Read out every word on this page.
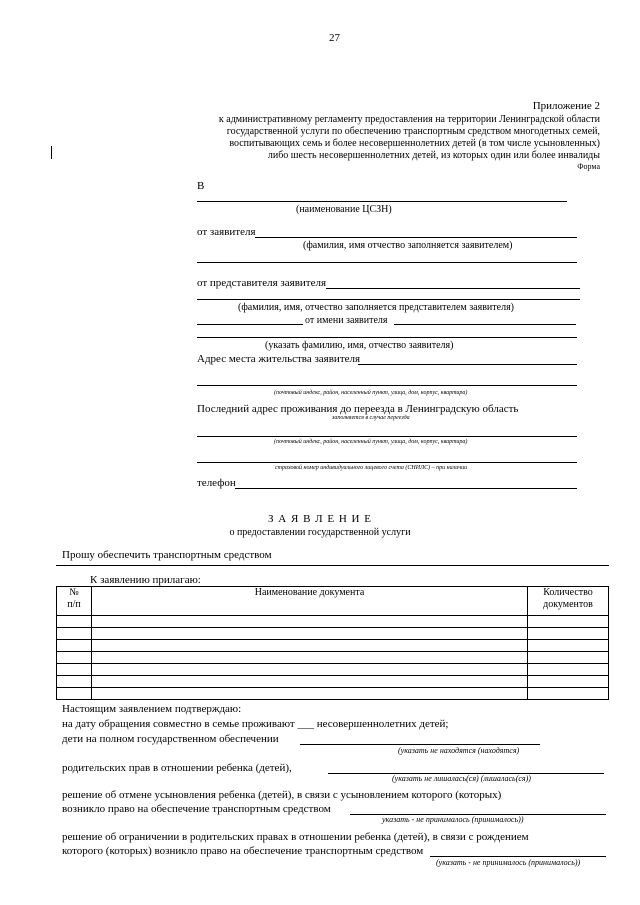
27
Приложение 2
к административному регламенту предоставления на территории Ленинградской области
государственной услуги по обеспечению транспортным средством многодетных семей,
воспитывающих семь и более несовершеннолетних детей (в том числе усыновленных)
либо шесть несовершеннолетних детей, из которых один или более инвалиды
Форма
В
(наименование ЦСЗН)
от заявителя
(фамилия, имя отчество заполняется заявителем)
от представителя заявителя
(фамилия, имя, отчество заполняется представителем заявителя)
от имени заявителя
(указать фамилию, имя, отчество заявителя)
Адрес места жительства заявителя
(почтовый индекс, район, населенный пункт, улица, дом, корпус, квартира)
Последний адрес проживания до переезда в Ленинградскую область
заполняется в случае переезда
(почтовый индекс, район, населенный пункт, улица, дом, корпус, квартира)
страховой номер индивидуального лицевого счета (СНИЛС) – при наличии
телефон
З А Я В Л Е Н И Е
о предоставлении государственной услуги
Прошу обеспечить транспортным средством
К заявлению прилагаю:
№
п/п	Наименование документа	Количество
документов

Настоящим заявлением подтверждаю:
на дату обращения совместно в семье проживают ___ несовершеннолетних детей;
дети на полном государственном обеспечении
(указать не находятся (находятся)
родительских прав в отношении ребенка (детей),
(указать не лишалась(ся) (лишалась(ся))
решение об отмене усыновления ребенка (детей), в связи с усыновлением которого (которых)
возникло право на обеспечение транспортным средством
указать - не принималось (принималось))
решение об ограничении в родительских правах в отношении ребенка (детей), в связи с рождением
которого (которых) возникло право на обеспечение транспортным средством
(указать - не принималось (принималось))
